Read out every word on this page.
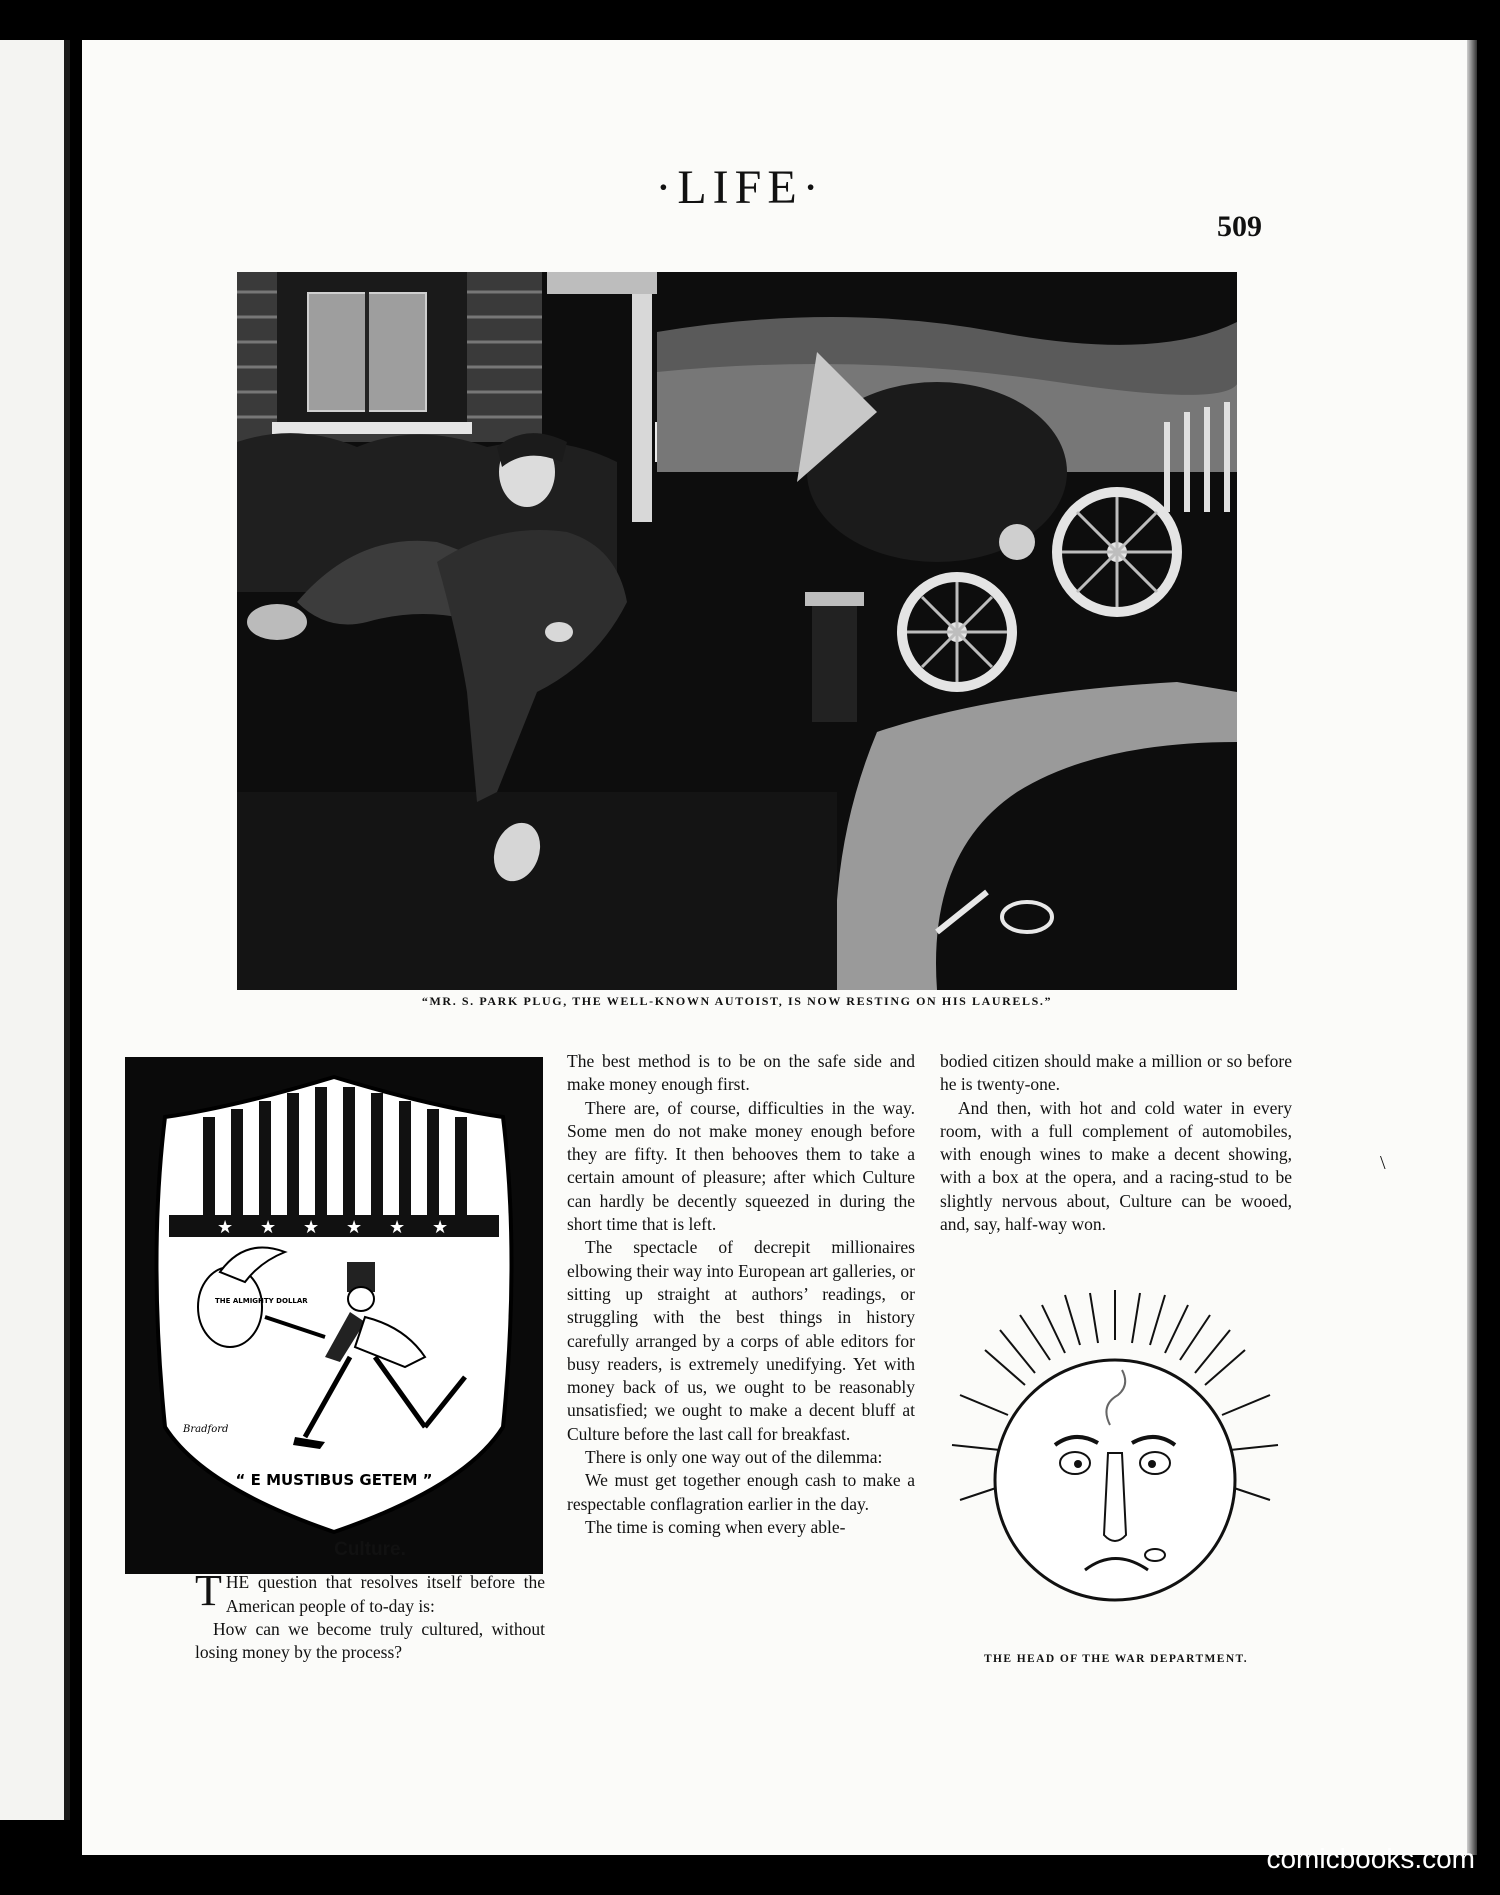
·LIFE·
509
“MR. S. PARK PLUG, THE WELL-KNOWN AUTOIST, IS NOW RESTING ON HIS LAURELS.”
★ ★ ★ ★ ★ ★
THE ALMIGHTY DOLLAR
Bradford
“ E MUSTIBUS GETEM ”
Culture.

THE question that resolves itself before the American people of to-day is:

How can we become truly cultured, without losing money by the process?

The best method is to be on the safe side and make money enough first.

There are, of course, difficulties in the way. Some men do not make money enough before they are fifty. It then behooves them to take a certain amount of pleasure; after which Culture can hardly be decently squeezed in during the short time that is left.

The spectacle of decrepit millionaires elbowing their way into European art galleries, or sitting up straight at authors’ readings, or struggling with the best things in history carefully arranged by a corps of able editors for busy readers, is extremely unedifying. Yet with money back of us, we ought to be reasonably unsatisfied; we ought to make a decent bluff at Culture before the last call for breakfast.

There is only one way out of the dilemma:

We must get together enough cash to make a respectable conflagration earlier in the day.

The time is coming when every able-

bodied citizen should make a million or so before he is twenty-one.

And then, with hot and cold water in every room, with a full complement of automobiles, with enough wines to make a decent showing, with a box at the opera, and a racing-stud to be slightly nervous about, Culture can be wooed, and, say, half-way won.

THE HEAD OF THE WAR DEPARTMENT.
\
comicbooks.com
